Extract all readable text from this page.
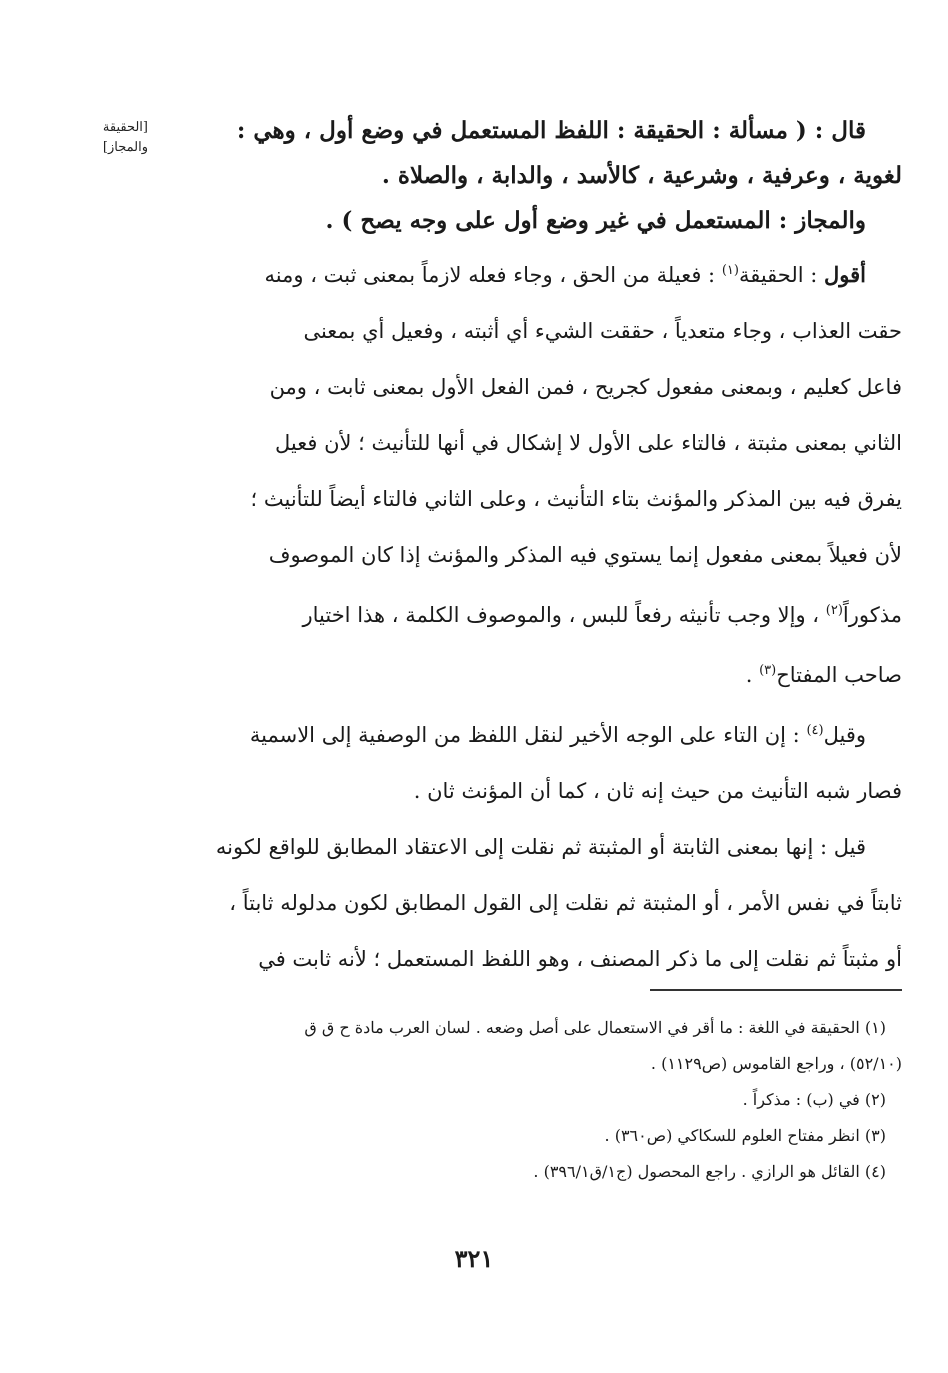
[الحقيقة
والمجاز]
قال : ( مسألة : الحقيقة : اللفظ المستعمل في وضع أول ، وهي :
لغوية ، وعرفية ، وشرعية ، كالأسد ، والدابة ، والصلاة .
والمجاز : المستعمل في غير وضع أول على وجه يصح ) .
أقول : الحقيقة$^{(١)}$ : فعيلة من الحق ، وجاء فعله لازماً بمعنى ثبت ، ومنه
حقت العذاب ، وجاء متعدياً ، حققت الشيء أي أثبته ، وفعيل أي بمعنى
فاعل كعليم ، وبمعنى مفعول كجريح ، فمن الفعل الأول بمعنى ثابت ، ومن
الثاني بمعنى مثبتة ، فالتاء على الأول لا إشكال في أنها للتأنيث ؛ لأن فعيل
يفرق فيه بين المذكر والمؤنث بتاء التأنيث ، وعلى الثاني فالتاء أيضاً للتأنيث ؛
لأن فعيلاً بمعنى مفعول إنما يستوي فيه المذكر والمؤنث إذا كان الموصوف
مذكوراً$^{(٢)}$ ، وإلا وجب تأنيثه رفعاً للبس ، والموصوف الكلمة ، هذا اختيار
صاحب المفتاح$^{(٣)}$ .
وقيل$^{(٤)}$ : إن التاء على الوجه الأخير لنقل اللفظ من الوصفية إلى الاسمية
فصار شبه التأنيث من حيث إنه ثان ، كما أن المؤنث ثان .
قيل : إنها بمعنى الثابتة أو المثبتة ثم نقلت إلى الاعتقاد المطابق للواقع لكونه
ثابتاً في نفس الأمر ، أو المثبتة ثم نقلت إلى القول المطابق لكون مدلوله ثابتاً ،
أو مثبتاً ثم نقلت إلى ما ذكر المصنف ، وهو اللفظ المستعمل ؛ لأنه ثابت في
(١) الحقيقة في اللغة : ما أقر في الاستعمال على أصل وضعه . لسان العرب مادة ح ق ق
(٥٢/١٠) ، وراجع القاموس (ص١١٢٩) .
(٢) في (ب) : مذكراً .
(٣) انظر مفتاح العلوم للسكاكي (ص٣٦٠) .
(٤) القائل هو الرازي . راجع المحصول (ج١/ق٣٩٦/١) .
٣٢١
